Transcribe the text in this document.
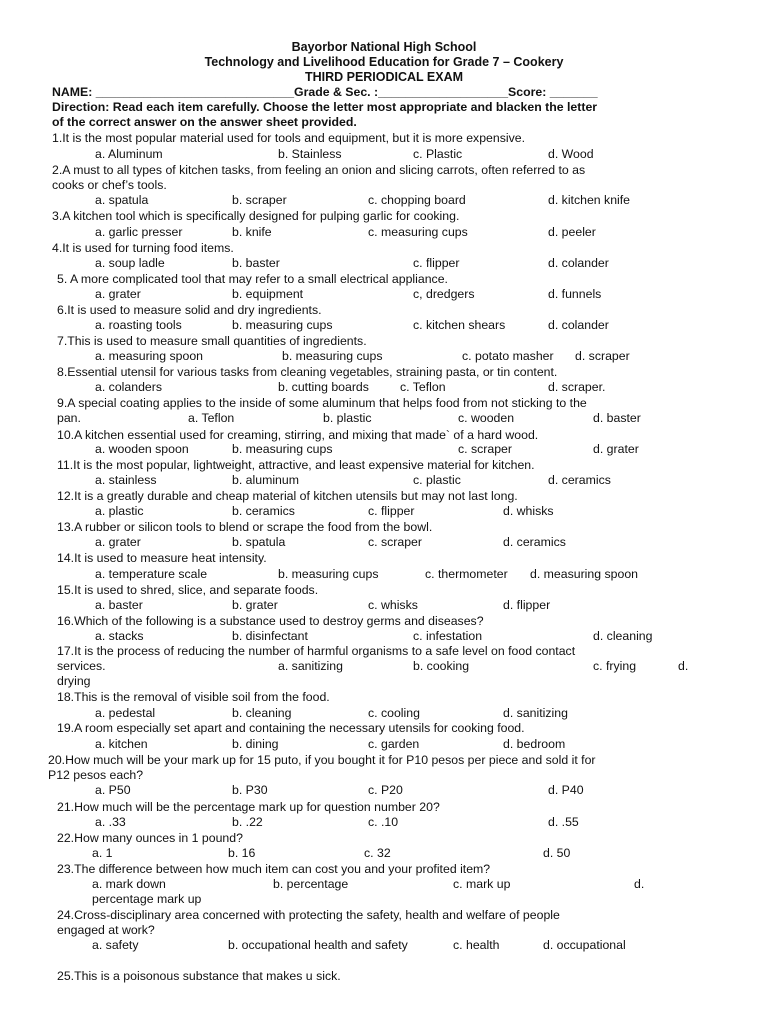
Bayorbor National High School
Technology and Livelihood Education for Grade 7 – Cookery
THIRD PERIODICAL EXAM
NAME: _____________________________Grade & Sec. :___________________Score: _______
Direction: Read each item carefully. Choose the letter most appropriate and blacken the letter
of the correct answer on the answer sheet provided.
1.It is the most popular material used for tools and equipment, but it is more expensive.
a. Aluminum	b. Stainless	c. Plastic	d. Wood
2.A must to all types of kitchen tasks, from feeling an onion and slicing carrots, often referred to as
cooks or chef’s tools.
a. spatula	b. scraper	c. chopping board	d. kitchen knife
3.A kitchen tool which is specifically designed for pulping garlic for cooking.
a. garlic presser	b. knife	c. measuring cups	d. peeler
4.It is used for turning food items.
a. soup ladle	b. baster	c. flipper	d. colander
5. A more complicated tool that may refer to a small electrical appliance.
a. grater	b. equipment	c, dredgers	d. funnels
6.It is used to measure solid and dry ingredients.
a. roasting tools	b. measuring cups	c. kitchen shears	d. colander
7.This is used to measure small quantities of ingredients.
a. measuring spoon	b. measuring cups	c. potato masher d. scraper
8.Essential utensil for various tasks from cleaning vegetables, straining pasta, or tin content.
a. colanders	b. cutting boards	c. Teflon	d. scraper.
9.A special coating applies to the inside of some aluminum that helps food from not sticking to the
pan.	a. Teflon	b. plastic	c. wooden	d. baster
10.A kitchen essential used for creaming, stirring, and mixing that made` of a hard wood.
a. wooden spoon	b. measuring cups	c. scraper	d. grater
11.It is the most popular, lightweight, attractive, and least expensive material for kitchen.
a. stainless	b. aluminum	c. plastic	d. ceramics
12.It is a greatly durable and cheap material of kitchen utensils but may not last long.
a. plastic	b. ceramics	c. flipper	d. whisks
13.A rubber or silicon tools to blend or scrape the food from the bowl.
a. grater	b. spatula	c. scraper	d. ceramics
14.It is used to measure heat intensity.
a. temperature scale	b. measuring cups	c. thermometer d. measuring spoon
15.It is used to shred, slice, and separate foods.
a. baster	b. grater	c. whisks	d. flipper
16.Which of the following is a substance used to destroy germs and diseases?
a. stacks	b. disinfectant	c. infestation	d. cleaning
17.It is the process of reducing the number of harmful organisms to a safe level on food contact
services.	a. sanitizing	b. cooking	c. frying	d.
drying
18.This is the removal of visible soil from the food.
a. pedestal	b. cleaning	c. cooling	d. sanitizing
19.A room especially set apart and containing the necessary utensils for cooking food.
a. kitchen	b. dining	c. garden	d. bedroom
20.How much will be your mark up for 15 puto, if you bought it for P10 pesos per piece and sold it for
P12 pesos each?
a. P50	b. P30	c. P20	d. P40
21.How much will be the percentage mark up for question number 20?
a. .33	b. .22	c. .10	d. .55
22.How many ounces in 1 pound?
a. 1	b. 16	c. 32	d. 50
23.The difference between how much item can cost you and your profited item?
a. mark down	b. percentage	c. mark up	d.
percentage mark up
24.Cross-disciplinary area concerned with protecting the safety, health and welfare of people
engaged at work?
a. safety	b. occupational health and safety	c. health	d. occupational
25.This is a poisonous substance that makes u sick.
